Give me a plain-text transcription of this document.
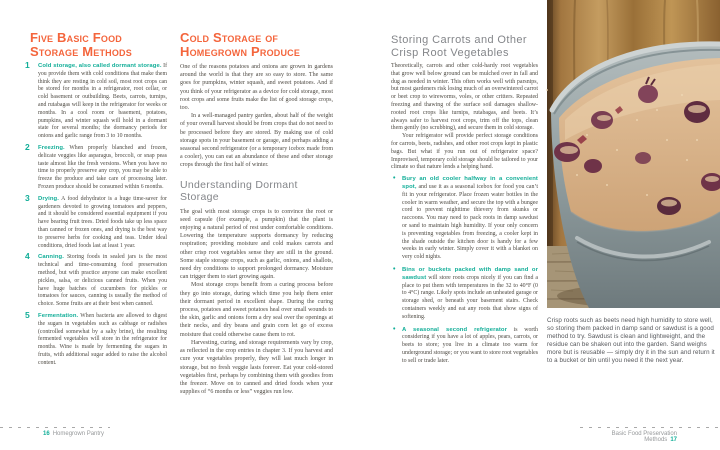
Five Basic Food
Storage Methods
1 Cold storage, also called dormant storage. If you provide them with cold conditions that make them think they are resting in cold soil, most root crops can be stored for months in a refrigerator, root cellar, or cold basement or outbuilding. Beets, carrots, turnips, and rutabagas will keep in the refrigerator for weeks or months. In a cool room or basement, potatoes, pumpkins, and winter squash will hold in a dormant state for several months; the dormancy periods for onions and garlic range from 3 to 10 months.
2 Freezing. When properly blanched and frozen, delicate veggies like asparagus, broccoli, or snap peas taste almost like the fresh versions. When you have no time to properly preserve any crop, you may be able to freeze the produce and take care of processing later. Frozen produce should be consumed within 6 months.
3 Drying. A food dehydrator is a huge time-saver for gardeners devoted to growing tomatoes and peppers, and it should be considered essential equipment if you have bearing fruit trees. Dried foods take up less space than canned or frozen ones, and drying is the best way to preserve herbs for cooking and teas. Under ideal conditions, dried foods last at least 1 year.
4 Canning. Storing foods in sealed jars is the most technical and time-consuming food preservation method, but with practice anyone can make excellent pickles, salsa, or delicious canned fruits. When you have huge batches of cucumbers for pickles or tomatoes for sauces, canning is usually the method of choice. Some fruits are at their best when canned.
5 Fermentation. When bacteria are allowed to digest the sugars in vegetables such as cabbage or radishes (controlled somewhat by a salty brine), the resulting fermented vegetables will store in the refrigerator for months. Wine is made by fermenting the sugars in fruits, with additional sugar added to raise the alcohol content.
Cold Storage of
Homegrown Produce

One of the reasons potatoes and onions are grown in gardens around the world is that they are so easy to store. The same goes for pumpkins, winter squash, and sweet potatoes. And if you think of your refrigerator as a device for cold storage, most root crops and some fruits make the list of good storage crops, too.

In a well-managed pantry garden, about half of the weight of your overall harvest should be from crops that do not need to be processed before they are stored. By making use of cold storage spots in your basement or garage, and perhaps adding a seasonal second refrigerator (or a temporary icebox made from a cooler), you can eat an abundance of these and other storage crops through the first half of winter.

Understanding Dormant
Storage

The goal with most storage crops is to convince the root or seed capsule (for example, a pumpkin) that the plant is enjoying a natural period of rest under comfortable conditions. Lowering the temperature supports dormancy by reducing respiration; providing moisture and cold makes carrots and other crisp root vegetables sense they are still in the ground. Some staple storage crops, such as garlic, onions, and shallots, need dry conditions to support prolonged dormancy. Moisture can trigger them to start growing again.

Most storage crops benefit from a curing process before they go into storage, during which time you help them enter their dormant period in excellent shape. During the curing process, potatoes and sweet potatoes heal over small wounds to the skin, garlic and onions form a dry seal over the openings at their necks, and dry beans and grain corn let go of excess moisture that could otherwise cause them to rot.

Harvesting, curing, and storage requirements vary by crop, as reflected in the crop entries in chapter 3. If you harvest and cure your vegetables properly, they will last much longer in storage, but no fresh veggie lasts forever. Eat your cold-stored vegetables first, perhaps by combining them with goodies from the freezer. Move on to canned and dried foods when your supplies of “6 months or less” veggies run low.

Storing Carrots and Other
Crisp Root Vegetables

Theoretically, carrots and other cold-hardy root vegetables that grow well below ground can be mulched over in fall and dug as needed in winter. This often works well with parsnips, but most gardeners risk losing much of an overwintered carrot or beet crop to wireworms, voles, or other critters. Repeated freezing and thawing of the surface soil damages shallow-rooted root crops like turnips, rutabagas, and beets. It’s always safer to harvest root crops, trim off the tops, clean them gently (no scrubbing), and secure them in cold storage.

Your refrigerator will provide perfect storage conditions for carrots, beets, radishes, and other root crops kept in plastic bags. But what if you run out of refrigerator space? Improvised, temporary cold storage should be tailored to your climate so that nature lends a helping hand.

• Bury an old cooler halfway in a convenient spot, and use it as a seasonal icebox for food you can’t fit in your refrigerator. Place frozen water bottles in the cooler in warm weather, and secure the top with a bungee cord to prevent nighttime thievery from skunks or raccoons. You may need to pack roots in damp sawdust or sand to maintain high humidity. If your only concern is preventing vegetables from freezing, a cooler kept in the shade outside the kitchen door is handy for a few weeks in early winter. Simply cover it with a blanket on very cold nights.
• Bins or buckets packed with damp sand or sawdust will store roots crops nicely if you can find a place to put them with temperatures in the 32 to 40°F (0 to 4°C) range. Likely spots include an unheated garage or storage shed, or beneath your basement stairs. Check containers weekly and eat any roots that show signs of softening.
• A seasonal second refrigerator is worth considering if you have a lot of apples, pears, carrots, or beets to store; you live in a climate too warm for underground storage; or you want to store root vegetables to sell or trade later.
Crisp roots such as beets need high humidity to store well, so storing them packed in damp sand or sawdust is a good method to try. Sawdust is clean and lightweight, and the residue can be shaken out into the garden. Sand weighs more but is reusable — simply dry it in the sun and return it to a bucket or bin until you need it the next year.
16 Homegrown Pantry	Basic Food Preservation Methods 17
